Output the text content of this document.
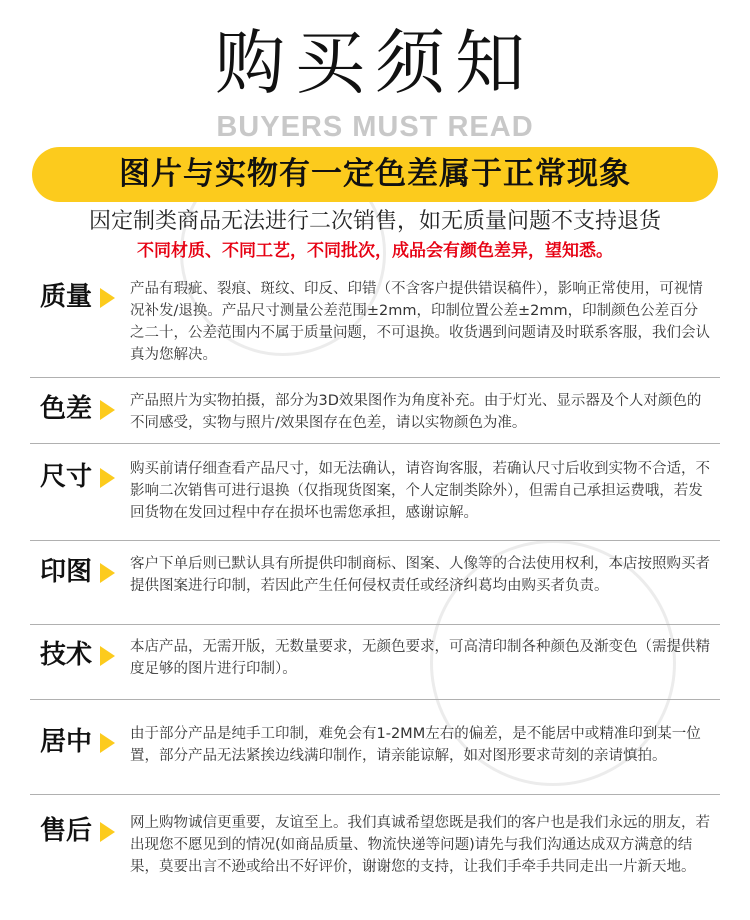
购买须知
BUYERS MUST READ
图片与实物有一定色差属于正常现象
因定制类商品无法进行二次销售，如无质量问题不支持退货
不同材质、不同工艺，不同批次，成品会有颜色差异，望知悉。
质量	产品有瑕疵、裂痕、斑纹、印反、印错（不含客户提供错误稿件），影响正常使用，可视情况补发/退换。产品尺寸测量公差范围±2mm，印制位置公差±2mm，印制颜色公差百分之二十，公差范围内不属于质量问题，不可退换。收货遇到问题请及时联系客服，我们会认真为您解决。
色差	产品照片为实物拍摄，部分为3D效果图作为角度补充。由于灯光、显示器及个人对颜色的不同感受，实物与照片/效果图存在色差，请以实物颜色为准。
尺寸	购买前请仔细查看产品尺寸，如无法确认，请咨询客服，若确认尺寸后收到实物不合适，不影响二次销售可进行退换（仅指现货图案，个人定制类除外），但需自己承担运费哦，若发回货物在发回过程中存在损坏也需您承担，感谢谅解。
印图	客户下单后则已默认具有所提供印制商标、图案、人像等的合法使用权利，本店按照购买者提供图案进行印制，若因此产生任何侵权责任或经济纠葛均由购买者负责。
技术	本店产品，无需开版，无数量要求，无颜色要求，可高清印制各种颜色及渐变色（需提供精度足够的图片进行印制）。
居中	由于部分产品是纯手工印制，难免会有1-2MM左右的偏差，是不能居中或精准印到某一位置，部分产品无法紧挨边线满印制作，请亲能谅解，如对图形要求苛刻的亲请慎拍。
售后	网上购物诚信更重要，友谊至上。我们真诚希望您既是我们的客户也是我们永远的朋友，若出现您不愿见到的情况(如商品质量、物流快递等问题)请先与我们沟通达成双方满意的结果，莫要出言不逊或给出不好评价，谢谢您的支持，让我们手牵手共同走出一片新天地。
